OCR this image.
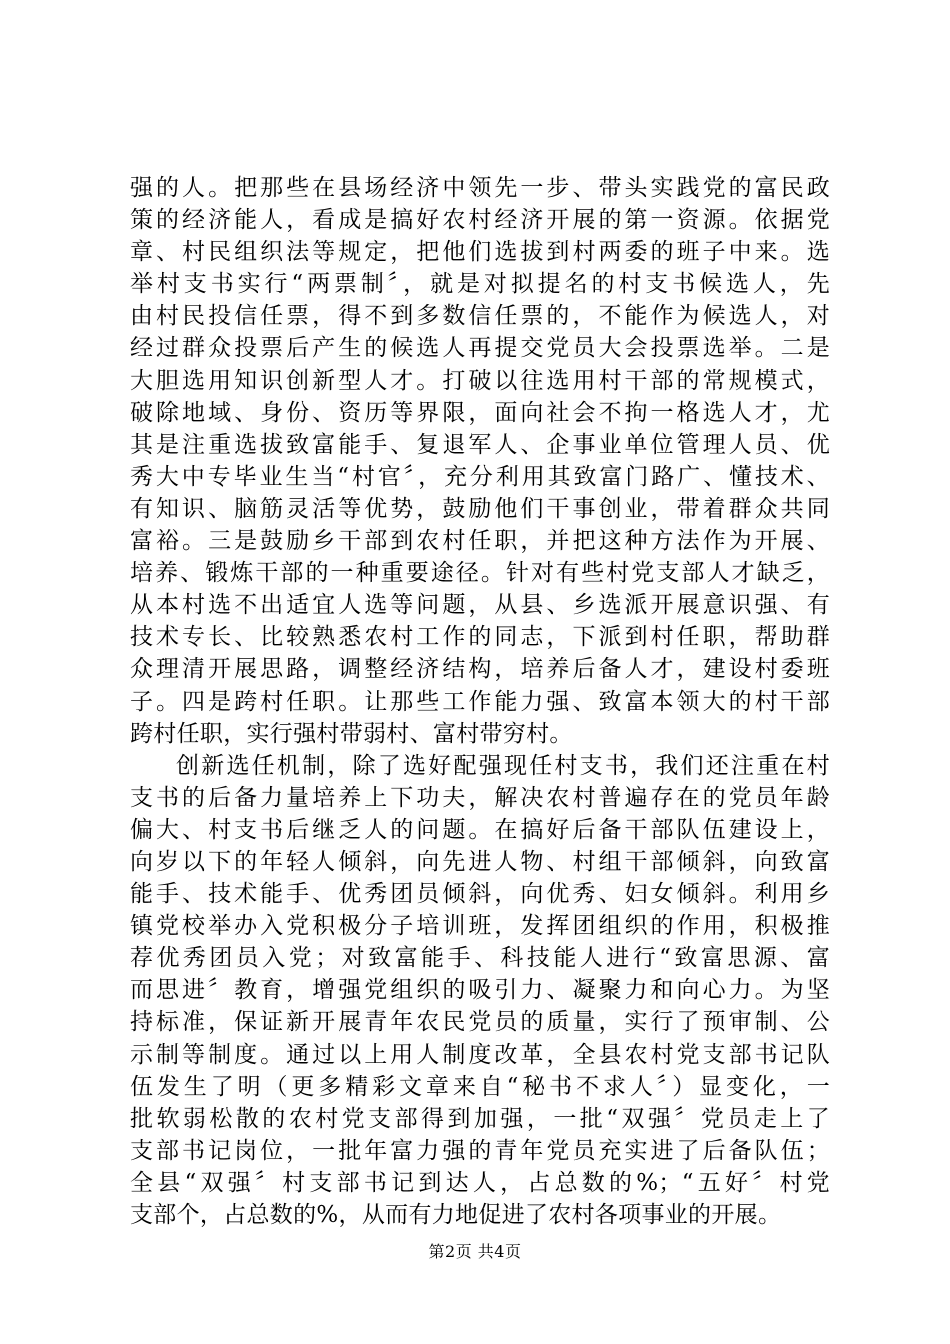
强的人。把那些在县场经济中领先一步、带头实践党的富民政
策的经济能人，看成是搞好农村经济开展的第一资源。依据党
章、村民组织法等规定，把他们选拔到村两委的班子中来。选
举村支书实行“两票制〞，就是对拟提名的村支书候选人，先
由村民投信任票，得不到多数信任票的，不能作为候选人，对
经过群众投票后产生的候选人再提交党员大会投票选举。二是
大胆选用知识创新型人才。打破以往选用村干部的常规模式，
破除地域、身份、资历等界限，面向社会不拘一格选人才，尤
其是注重选拔致富能手、复退军人、企事业单位管理人员、优
秀大中专毕业生当“村官〞，充分利用其致富门路广、懂技术、
有知识、脑筋灵活等优势，鼓励他们干事创业，带着群众共同
富裕。三是鼓励乡干部到农村任职，并把这种方法作为开展、
培养、锻炼干部的一种重要途径。针对有些村党支部人才缺乏，
从本村选不出适宜人选等问题，从县、乡选派开展意识强、有
技术专长、比较熟悉农村工作的同志，下派到村任职，帮助群
众理清开展思路，调整经济结构，培养后备人才，建设村委班
子。四是跨村任职。让那些工作能力强、致富本领大的村干部
跨村任职，实行强村带弱村、富村带穷村。
创新选任机制，除了选好配强现任村支书，我们还注重在村
支书的后备力量培养上下功夫，解决农村普遍存在的党员年龄
偏大、村支书后继乏人的问题。在搞好后备干部队伍建设上，
向岁以下的年轻人倾斜，向先进人物、村组干部倾斜，向致富
能手、技术能手、优秀团员倾斜，向优秀、妇女倾斜。利用乡
镇党校举办入党积极分子培训班，发挥团组织的作用，积极推
荐优秀团员入党；对致富能手、科技能人进行“致富思源、富
而思进〞教育，增强党组织的吸引力、凝聚力和向心力。为坚
持标准，保证新开展青年农民党员的质量，实行了预审制、公
示制等制度。通过以上用人制度改革，全县农村党支部书记队
伍发生了明（更多精彩文章来自“秘书不求人〞）显变化，一
批软弱松散的农村党支部得到加强，一批“双强〞党员走上了
支部书记岗位，一批年富力强的青年党员充实进了后备队伍；
全县“双强〞村支部书记到达人，占总数的%；“五好〞村党
支部个，占总数的%，从而有力地促进了农村各项事业的开展。
第2页 共4页
